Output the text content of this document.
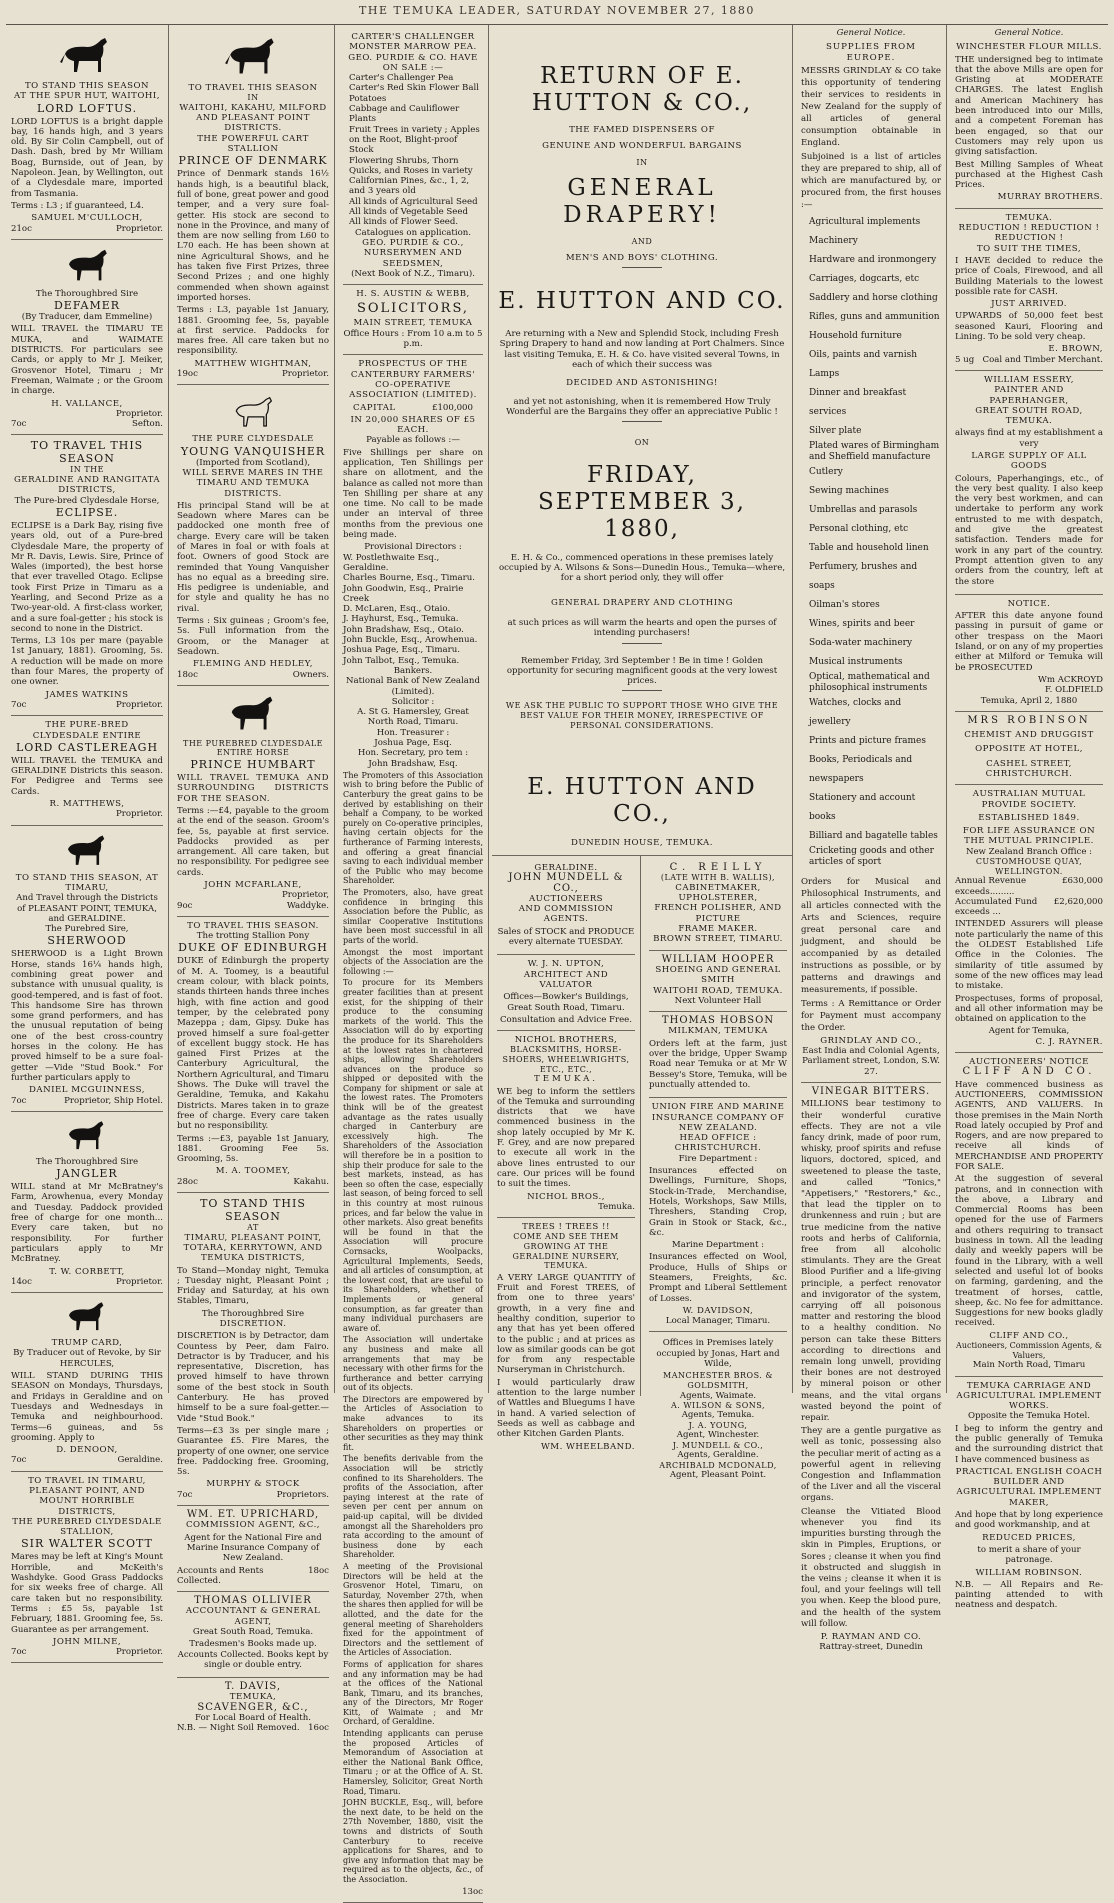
THE TEMUKA LEADER, SATURDAY NOVEMBER 27, 1880
TO STAND THIS SEASON
AT THE SPUR HUT, WAITOHI,
LORD LOFTUS.

LORD LOFTUS is a bright dapple bay, 16 hands high, and 3 years old. By Sir Colin Campbell, out of Dash. Dash, bred by Mr William Boag, Burnside, out of Jean, by Napoleon. Jean, by Wellington, out of a Clydesdale mare, imported from Tasmania.

Terms : L3 ; if guaranteed, L4.

SAMUEL M'CULLOCH,
21oc	Proprietor.
The Thoroughbred Sire
DEFAMER
(By Traducer, dam Emmeline)

WILL TRAVEL the TIMARU TE MUKA, and WAIMATE DISTRICTS. For particulars see Cards, or apply to Mr J. Meiker, Grosvenor Hotel, Timaru ; Mr Freeman, Waimate ; or the Groom in charge.

H. VALLANCE,
Proprietor.
7oc	Sefton.
TO TRAVEL THIS SEASON
IN THE
GERALDINE AND RANGITATA DISTRICTS,
The Pure-bred Clydesdale Horse,
ECLIPSE.

ECLIPSE is a Dark Bay, rising five years old, out of a Pure-bred Clydesdale Mare, the property of Mr R. Davis, Lewis. Sire, Prince of Wales (imported), the best horse that ever travelled Otago. Eclipse took First Prize in Timaru as a Yearling, and Second Prize as a Two-year-old. A first-class worker, and a sure foal-getter ; his stock is second to none in the District.

Terms, L3 10s per mare (payable 1st January, 1881). Grooming, 5s. A reduction will be made on more than four Mares, the property of one owner.

JAMES WATKINS
7oc	Proprietor.
THE PURE-BRED CLYDESDALE ENTIRE
LORD CASTLEREAGH

WILL TRAVEL the TEMUKA and GERALDINE Districts this season. For Pedigree and Terms see Cards.

R. MATTHEWS,
Proprietor.
TO STAND THIS SEASON, AT TIMARU,
And Travel through the Districts of PLEASANT POINT, TEMUKA, and GERALDINE.
The Purebred Sire,
SHERWOOD

SHERWOOD is a Light Brown Horse, stands 16¼ hands high, combining great power and substance with unusual quality, is good-tempered, and is fast of foot. This handsome Sire has thrown some grand performers, and has the unusual reputation of being one of the best cross-country horses in the colony. He has proved himself to be a sure foal-getter —Vide "Stud Book." For further particulars apply to

DANIEL MCGUINNESS,
7oc	Proprietor, Ship Hotel.
The Thoroughbred Sire
JANGLER

WILL stand at Mr McBratney's Farm, Arowhenua, every Monday and Tuesday. Paddock provided free of charge for one month... Every care taken, but no responsibility. For further particulars apply to Mr McBratney.

T. W. CORBETT,
14oc	Proprietor.
TRUMP CARD,
By Traducer out of Revoke, by Sir HERCULES,

WILL STAND DURING THIS SEASON on Mondays, Thursdays, and Fridays in Geraldine and on Tuesdays and Wednesdays in Temuka and neighbourhood. Terms—6 guineas, and 5s grooming. Apply to

D. DENOON,
7oc	Geraldine.
TO TRAVEL IN TIMARU, PLEASANT POINT, AND MOUNT HORRIBLE DISTRICTS,
THE PUREBRED CLYDESDALE STALLION,
SIR WALTER SCOTT

Mares may be left at King's Mount Horrible, and McKeith's Washdyke. Good Grass Paddocks for six weeks free of charge. All care taken but no responsibility. Terms : £5 5s, payable 1st February, 1881. Grooming fee, 5s. Guarantee as per arrangement.

JOHN MILNE,
7oc	Proprietor.
TO TRAVEL THIS SEASON
IN
WAITOHI, KAKAHU, MILFORD AND PLEASANT POINT DISTRICTS.
THE POWERFUL CART STALLION
PRINCE OF DENMARK

Prince of Denmark stands 16½ hands high, is a beautiful black, full of bone, great power and good temper, and a very sure foal-getter. His stock are second to none in the Province, and many of them are now selling from L60 to L70 each. He has been shown at nine Agricultural Shows, and he has taken five First Prizes, three Second Prizes ; and one highly commended when shown against imported horses.

Terms : L3, payable 1st January, 1881. Grooming fee, 5s, payable at first service. Paddocks for mares free. All care taken but no responsibility.

MATTHEW WIGHTMAN,
19oc	Proprietor.
THE PURE CLYDESDALE
YOUNG VANQUISHER
(Imported from Scotland),
WILL SERVE MARES IN THE TIMARU AND TEMUKA DISTRICTS.

His principal Stand will be at Seadown where Mares can be paddocked one month free of charge. Every care will be taken of Mares in foal or with foals at foot. Owners of good Stock are reminded that Young Vanquisher has no equal as a breeding sire. His pedigree is undeniable, and for style and quality he has no rival.

Terms : Six guineas ; Groom's fee, 5s. Full information from the Groom, or the Manager at Seadown.

FLEMING AND HEDLEY,
18oc	Owners.
THE PUREBRED CLYDESDALE ENTIRE HORSE
PRINCE HUMBART

WILL TRAVEL TEMUKA AND SURROUNDING DISTRICTS FOR THE SEASON.

Terms :—£4, payable to the groom at the end of the season. Groom's fee, 5s, payable at first service. Paddocks provided as per arrangement. All care taken, but no responsibility. For pedigree see cards.

JOHN MCFARLANE,
Proprietor,
9oc	Waddyke.
TO TRAVEL THIS SEASON.
The trotting Stallion Pony
DUKE OF EDINBURGH

DUKE of Edinburgh the property of M. A. Toomey, is a beautiful cream colour, with black points, stands thirteen hands three inches high, with fine action and good temper, by the celebrated pony Mazeppa ; dam, Gipsy. Duke has proved himself a sure foal-getter of excellent buggy stock. He has gained First Prizes at the Canterbury Agricultural, the Northern Agricultural, and Timaru Shows. The Duke will travel the Geraldine, Temuka, and Kakahu Districts. Mares taken in to graze free of charge. Every care taken but no responsibility.

Terms :—£3, payable 1st January, 1881. Grooming Fee 5s. Grooming, 5s.

M. A. TOOMEY,
28oc	Kakahu.
TO STAND THIS SEASON
AT
TIMARU, PLEASANT POINT, TOTARA, KERRYTOWN, AND TEMUKA DISTRICTS,

To Stand—Monday night, Temuka ; Tuesday night, Pleasant Point ; Friday and Saturday, at his own Stables, Timaru,

The Thoroughbred Sire
DISCRETION.

DISCRETION is by Detractor, dam Countess by Peer, dam Fairo. Detractor is by Traducer, and his representative, Discretion, has proved himself to have thrown some of the best stock in South Canterbury. He has proved himself to be a sure foal-getter.—Vide "Stud Book."

Terms—£3 3s per single mare ; Guarantee £5. Fire Mares, the property of one owner, one service free. Paddocking free. Grooming, 5s.

MURPHY & STOCK
7oc	Proprietors.
WM. ET. UPRICHARD,
COMMISSION AGENT, &C.,

Agent for the National Fire and Marine Insurance Company of New Zealand.

Accounts and Rents Collected.
18oc
THOMAS OLLIVIER
ACCOUNTANT & GENERAL AGENT,
Great South Road, Temuka.

Tradesmen's Books made up. Accounts Collected. Books kept by single or double entry.

T. DAVIS,
TEMUKA,
SCAVENGER, &C.,
For Local Board of Health.
N.B. — Night Soil Removed. 16oc
CARTER'S CHALLENGER MONSTER MARROW PEA.
GEO. PURDIE & CO. HAVE ON SALE :—
Carter's Challenger Pea
Carter's Red Skin Flower Ball Potatoes
Cabbage and Cauliflower Plants
Fruit Trees in variety ; Apples on the Root, Blight-proof Stock
Flowering Shrubs, Thorn Quicks, and Roses in variety
Californian Pines, &c., 1, 2, and 3 years old
All kinds of Agricultural Seed
All kinds of Vegetable Seed
All kinds of Flower Seed.
Catalogues on application.
GEO. PURDIE & CO.,
NURSERYMEN AND SEEDSMEN,
(Next Book of N.Z., Timaru).
H. S. AUSTIN & WEBB,
SOLICITORS,
MAIN STREET, TEMUKA
Office Hours : From 10 a.m to 5 p.m.
PROSPECTUS OF THE CANTERBURY FARMERS' CO-OPERATIVE ASSOCIATION (LIMITED).
CAPITAL	£100,000
IN 20,000 SHARES OF £5 EACH.
Payable as follows :—

Five Shillings per share on application, Ten Shillings per share on allotment, and the balance as called not more than Ten Shilling per share at any one time. No call to be made under an interval of three months from the previous one being made.

Provisional Directors :
W. Postlethwaite Esq., Geraldine.
Charles Bourne, Esq., Timaru.
John Goodwin, Esq., Prairie Creek
D. McLaren, Esq., Otaio.
J. Hayhurst, Esq., Temuka.
John Bradshaw, Esq., Otaio.
John Buckle, Esq., Arowhenua.
Joshua Page, Esq., Timaru.
John Talbot, Esq., Temuka.
Bankers.
National Bank of New Zealand (Limited).
Solicitor :
A. St G. Hamersley, Great North Road, Timaru.
Hon. Treasurer :
Joshua Page, Esq.
Hon. Secretary, pro tem :
John Bradshaw, Esq.

The Promoters of this Association wish to bring before the Public of Canterbury the great gains to be derived by establishing on their behalf a Company, to be worked purely on Co-operative principles, having certain objects for the furtherance of Farming interests, and offering a great financial saving to each individual member of the Public who may become Shareholder.

The Promoters, also, have great confidence in bringing this Association before the Public, as similar Cooperative Institutions have been most successful in all parts of the world.

Amongst the most important objects of the Association are the following :—

To procure for its Members greater facilities than at present exist, for the shipping of their produce to the consuming markets of the world. This the Association will do by exporting the produce for its Shareholders at the lowest rates in chartered ships, allowing Shareholders advances on the produce so shipped or deposited with the Company for shipment or sale at the lowest rates. The Promoters think will be of the greatest advantage as the rates usually charged in Canterbury are excessively high. The Shareholders of the Association will therefore be in a position to ship their produce for sale to the best markets, instead, as has been so often the case, especially last season, of being forced to sell in this country at most ruinous prices, and far below the value in other markets. Also great benefits will be found in that the Association will procure Cornsacks, Woolpacks, Agricultural Implements, Seeds, and all articles of consumption, at the lowest cost, that are useful to its Shareholders, whether of Implements or general consumption, as far greater than many individual purchasers are aware of.

The Association will undertake any business and make all arrangements that may be necessary with other firms for the furtherance and better carrying out of its objects.

The Directors are empowered by the Articles of Association to make advances to its Shareholders on properties or other securities as they may think fit.

The benefits derivable from the Association will be strictly confined to its Shareholders. The profits of the Association, after paying interest at the rate of seven per cent per annum on paid-up capital, will be divided amongst all the Shareholders pro rata according to the amount of business done by each Shareholder.

A meeting of the Provisional Directors will be held at the Grosvenor Hotel, Timaru, on Saturday, November 27th, when the shares then applied for will be allotted, and the date for the general meeting of Shareholders fixed for the appointment of Directors and the settlement of the Articles of Association.

Forms of application for shares and any information may be had at the offices of the National Bank, Timaru, and its branches, any of the Directors, Mr Roger Kitt, of Waimate ; and Mr Orchard, of Geraldine.

Intending applicants can peruse the proposed Articles of Memorandum of Association at either the National Bank Office, Timaru ; or at the Office of A. St. Hamersley, Solicitor, Great North Road, Timaru.

JOHN BUCKLE, Esq., will, before the next date, to be held on the 27th November, 1880, visit the towns and districts of South Canterbury to receive applications for Shares, and to give any information that may be required as to the objects, &c., of the Association.

13oc
RETURN OF E. HUTTON & CO.,
THE FAMED DISPENSERS OF
GENUINE AND WONDERFUL BARGAINS
IN
GENERAL DRAPERY!
AND
MEN'S AND BOYS' CLOTHING.
E. HUTTON AND CO.

Are returning with a New and Splendid Stock, including Fresh Spring Drapery to hand and now landing at Port Chalmers. Since last visiting Temuka, E. H. & Co. have visited several Towns, in each of which their success was

DECIDED AND ASTONISHING!

and yet not astonishing, when it is remembered How Truly Wonderful are the Bargains they offer an appreciative Public !

ON
FRIDAY, SEPTEMBER 3, 1880,

E. H. & Co., commenced operations in these premises lately occupied by A. Wilsons & Sons—Dunedin Hous., Temuka—where, for a short period only, they will offer

GENERAL DRAPERY AND CLOTHING

at such prices as will warm the hearts and open the purses of intending purchasers!

Remember Friday, 3rd September ! Be in time ! Golden opportunity for securing magnificent goods at the very lowest prices.

WE ASK THE PUBLIC TO SUPPORT THOSE WHO GIVE THE BEST VALUE FOR THEIR MONEY, IRRESPECTIVE OF PERSONAL CONSIDERATIONS.

E. HUTTON AND CO.,
DUNEDIN HOUSE, TEMUKA.
GERALDINE.
JOHN MUNDELL & CO.,
AUCTIONEERS
AND COMMISSION AGENTS.

Sales of STOCK and PRODUCE every alternate TUESDAY.

W. J. N. UPTON,
ARCHITECT AND VALUATOR

Offices—Bowker's Buildings, Great South Road, Timaru.

Consultation and Advice Free.
NICHOL BROTHERS,
BLACKSMITHS, HORSE-SHOERS, WHEELWRIGHTS, ETC., ETC.,
TEMUKA.

WE beg to inform the settlers of the Temuka and surrounding districts that we have commenced business in the shop lately occupied by Mr K. F. Grey, and are now prepared to execute all work in the above lines entrusted to our care. Our prices will be found to suit the times.

NICHOL BROS.,
Temuka.
TREES ! TREES !!
COME AND SEE THEM GROWING AT THE GERALDINE NURSERY, TEMUKA.

A VERY LARGE QUANTITY of Fruit and Forest TREES, of from one to three years' growth, in a very fine and healthy condition, superior to any that has yet been offered to the public ; and at prices as low as similar goods can be got for from any respectable Nurseryman in Christchurch.

I would particularly draw attention to the large number of Wattles and Bluegums I have in hand. A varied selection of Seeds as well as cabbage and other Kitchen Garden Plants.

WM. WHEELBAND.
C. REILLY
(LATE WITH B. WALLIS),
CABINETMAKER, UPHOLSTERER,
FRENCH POLISHER, AND PICTURE
FRAME MAKER.
BROWN STREET, TIMARU.
WILLIAM HOOPER
SHOEING AND GENERAL SMITH
WAITOHI ROAD, TEMUKA.
Next Volunteer Hall
THOMAS HOBSON
MILKMAN, TEMUKA

Orders left at the farm, just over the bridge, Upper Swamp Road near Temuka or at Mr W Bessey's Store, Temuka, will be punctually attended to.

UNION FIRE AND MARINE INSURANCE COMPANY OF NEW ZEALAND.
HEAD OFFICE : CHRISTCHURCH.
Fire Department :

Insurances effected on Dwellings, Furniture, Shops, Stock-in-Trade, Merchandise, Hotels, Workshops, Saw Mills, Threshers, Standing Crop, Grain in Stook or Stack, &c., &c.

Marine Department :

Insurances effected on Wool, Produce, Hulls of Ships or Steamers, Freights, &c. Prompt and Liberal Settlement of Losses.

W. DAVIDSON,
Local Manager, Timaru.

Offices in Premises lately occupied by Jonas, Hart and Wilde,

MANCHESTER BROS. & GOLDSMITH,
Agents, Waimate.
A. WILSON & SONS,
Agents, Temuka.
J. A. YOUNG,
Agent, Winchester.
J. MUNDELL & CO.,
Agents, Geraldine.
ARCHIBALD MCDONALD,
Agent, Pleasant Point.
General Notice.
SUPPLIES FROM EUROPE.

MESSRS GRINDLAY & CO take this opportunity of tendering their services to residents in New Zealand for the supply of all articles of general consumption obtainable in England.

Subjoined is a list of articles they are prepared to ship, all of which are manufactured by, or procured from, the first houses :—

Agricultural implements
Machinery
Hardware and ironmongery
Carriages, dogcarts, etc
Saddlery and horse clothing
Rifles, guns and ammunition
Household furniture
Oils, paints and varnish
Lamps
Dinner and breakfast services
Silver plate
Plated wares of Birmingham and Sheffield manufacture
Cutlery
Sewing machines
Umbrellas and parasols
Personal clothing, etc
Table and household linen
Perfumery, brushes and soaps
Oilman's stores
Wines, spirits and beer
Soda-water machinery
Musical instruments
Optical, mathematical and philosophical instruments
Watches, clocks and jewellery
Prints and picture frames
Books, Periodicals and newspapers
Stationery and account books
Billiard and bagatelle tables
Cricketing goods and other articles of sport

Orders for Musical and Philosophical Instruments, and all articles connected with the Arts and Sciences, require great personal care and judgment, and should be accompanied by as detailed instructions as possible, or by patterns and drawings and measurements, if possible.

Terms : A Remittance or Order for Payment must accompany the Order.

GRINDLAY AND CO.,
East India and Colonial Agents,
Parliament street, London, S.W. 27.
VINEGAR BITTERS.

MILLIONS bear testimony to their wonderful curative effects. They are not a vile fancy drink, made of poor rum, whisky, proof spirits and refuse liquors, doctored, spiced, and sweetened to please the taste, and called "Tonics," "Appetisers," "Restorers," &c., that lead the tippler on to drunkenness and ruin ; but are true medicine from the native roots and herbs of California, free from all alcoholic stimulants. They are the Great Blood Purifier and a life-giving principle, a perfect renovator and invigorator of the system, carrying off all poisonous matter and restoring the blood to a healthy condition. No person can take these Bitters according to directions and remain long unwell, providing their bones are not destroyed by mineral poison or other means, and the vital organs wasted beyond the point of repair.

They are a gentle purgative as well as tonic, possessing also the peculiar merit of acting as a powerful agent in relieving Congestion and Inflammation of the Liver and all the visceral organs.

Cleanse the Vitiated Blood whenever you find its impurities bursting through the skin in Pimples, Eruptions, or Sores ; cleanse it when you find it obstructed and sluggish in the veins ; cleanse it when it is foul, and your feelings will tell you when. Keep the blood pure, and the health of the system will follow.

P. RAYMAN AND CO.
Rattray-street, Dunedin
General Notice.
WINCHESTER FLOUR MILLS.

THE undersigned beg to intimate that the above Mills are open for Gristing at MODERATE CHARGES. The latest English and American Machinery has been introduced into our Mills, and a competent Foreman has been engaged, so that our Customers may rely upon us giving satisfaction.

Best Milling Samples of Wheat purchased at the Highest Cash Prices.

MURRAY BROTHERS.
TEMUKA.
REDUCTION ! REDUCTION ! REDUCTION !
TO SUIT THE TIMES,

I HAVE decided to reduce the price of Coals, Firewood, and all Building Materials to the lowest possible rate for CASH.

JUST ARRIVED.

UPWARDS of 50,000 feet best seasoned Kauri, Flooring and Lining. To be sold very cheap.

E. BROWN,
5 ug Coal and Timber Merchant.
WILLIAM ESSERY,
PAINTER AND PAPERHANGER,
GREAT SOUTH ROAD, TEMUKA.

always find at my establishment a very

LARGE SUPPLY OF ALL GOODS

Colours, Paperhangings, etc., of the very best quality. I also keep the very best workmen, and can undertake to perform any work entrusted to me with despatch, and give the greatest satisfaction. Tenders made for work in any part of the country. Prompt attention given to any orders from the country, left at the store

NOTICE.

AFTER this date anyone found passing in pursuit of game or other trespass on the Maori Island, or on any of my properties either at Milford or Temuka will be PROSECUTED

Wm ACKROYD
F. OLDFIELD
Temuka, April 2, 1880
MRS ROBINSON
CHEMIST AND DRUGGIST
OPPOSITE AT HOTEL,
CASHEL STREET, CHRISTCHURCH.
AUSTRALIAN MUTUAL PROVIDE SOCIETY.
ESTABLISHED 1849.
FOR LIFE ASSURANCE ON THE MUTUAL PRINCIPLE.
New Zealand Branch Office :
CUSTOMHOUSE QUAY, WELLINGTON.
Annual Revenue exceeds.........
£630,000
Accumulated Fund exceeds ...
£2,620,000

INTENDED Assurers will please note particularly the name of this the OLDEST Established Life Office in the Colonies. The similarity of title assumed by some of the new offices may lead to mistake.

Prospectuses, forms of proposal, and all other information may be obtained on application to the

Agent for Temuka,
C. J. RAYNER.
AUCTIONEERS' NOTICE
CLIFF AND CO.

Have commenced business as AUCTIONEERS, COMMISSION AGENTS, AND VALUERS. In those premises in the Main North Road lately occupied by Prof and Rogers, and are now prepared to receive all kinds of MERCHANDISE AND PROPERTY FOR SALE.

At the suggestion of several patrons, and in connection with the above, a Library and Commercial Rooms has been opened for the use of Farmers and others requiring to transact business in town. All the leading daily and weekly papers will be found in the Library, with a well selected and useful lot of books on farming, gardening, and the treatment of horses, cattle, sheep, &c. No fee for admittance. Suggestions for new books gladly received.

CLIFF AND CO.,
Auctioneers, Commission Agents, & Valuers,
Main North Road, Timaru
TEMUKA CARRIAGE AND AGRICULTURAL IMPLEMENT WORKS.
Opposite the Temuka Hotel.

I beg to inform the gentry and the public generally of Temuka and the surrounding district that I have commenced business as

PRACTICAL ENGLISH COACH BUILDER AND AGRICULTURAL IMPLEMENT MAKER,

And hope that by long experience and good workmanship, and at

REDUCED PRICES,

to merit a share of your patronage.

WILLIAM ROBINSON.

N.B. — All Repairs and Re-painting attended to with neatness and despatch.
